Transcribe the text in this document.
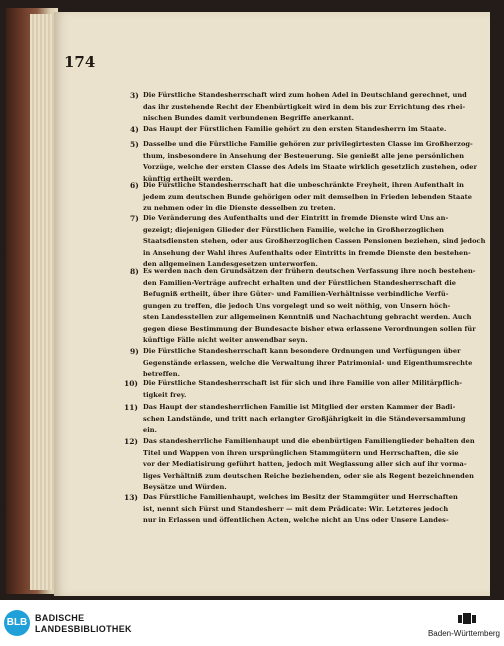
174
3) Die Fürstliche Standesherrschaft wird zum hohen Adel in Deutschland gerechnet, und
das ihr zustehende Recht der Ebenbürtigkeit wird in dem bis zur Errichtung des rhei-
nischen Bundes damit verbundenen Begriffe anerkannt.
4) Das Haupt der Fürstlichen Familie gehört zu den ersten Standesherrn im Staate.
5) Dasselbe und die Fürstliche Familie gehören zur privilegirtesten Classe im Großherzog-
thum, insbesondere in Ansehung der Besteuerung. Sie genießt alle jene persönlichen
Vorzüge, welche der ersten Classe des Adels im Staate wirklich gesetzlich zustehen, oder
künftig ertheilt werden.
6) Die Fürstliche Standesherrschaft hat die unbeschränkte Freyheit, ihren Aufenthalt in
jedem zum deutschen Bunde gehörigen oder mit demselben in Frieden lebenden Staate
zu nehmen oder in die Dienste desselben zu treten.
7) Die Veränderung des Aufenthalts und der Eintritt in fremde Dienste wird Uns an-
gezeigt; diejenigen Glieder der Fürstlichen Familie, welche in Großherzoglichen
Staatsdiensten stehen, oder aus Großherzoglichen Cassen Pensionen beziehen, sind jedoch
in Ansehung der Wahl ihres Aufenthalts oder Eintritts in fremde Dienste den bestehen-
den allgemeinen Landesgesetzen unterworfen.
8) Es werden nach den Grundsätzen der frühern deutschen Verfassung ihre noch bestehen-
den Familien-Verträge aufrecht erhalten und der Fürstlichen Standesherrschaft die
Befugniß ertheilt, über ihre Güter- und Familien-Verhältnisse verbindliche Verfü-
gungen zu treffen, die jedoch Uns vorgelegt und so weit nöthig, von Unsern höch-
sten Landesstellen zur allgemeinen Kenntniß und Nachachtung gebracht werden. Auch
gegen diese Bestimmung der Bundesacte bisher etwa erlassene Verordnungen sollen für
künftige Fälle nicht weiter anwendbar seyn.
9) Die Fürstliche Standesherrschaft kann besondere Ordnungen und Verfügungen über
Gegenstände erlassen, welche die Verwaltung ihrer Patrimonial- und Eigenthumsrechte
betreffen.
10) Die Fürstliche Standesherrschaft ist für sich und ihre Familie von aller Militärpflich-
tigkeit frey.
11) Das Haupt der standesherrlichen Familie ist Mitglied der ersten Kammer der Badi-
schen Landstände, und tritt nach erlangter Großjährigkeit in die Ständeversammlung
ein.
12) Das standesherrliche Familienhaupt und die ebenbürtigen Familienglieder behalten den
Titel und Wappen von ihren ursprünglichen Stammgütern und Herrschaften, die sie
vor der Mediatisirung geführt hatten, jedoch mit Weglassung aller sich auf ihr vorma-
liges Verhältniß zum deutschen Reiche beziehenden, oder sie als Regent bezeichnenden
Beysätze und Würden.
13) Das Fürstliche Familienhaupt, welches im Besitz der Stammgüter und Herrschaften
ist, nennt sich Fürst und Standesherr — mit dem Prädicate: Wir. Letzteres jedoch
nur in Erlassen und öffentlichen Acten, welche nicht an Uns oder Unsere Landes-
BLB BADISCHE
LANDESBIBLIOTHEK	Baden-Württemberg
